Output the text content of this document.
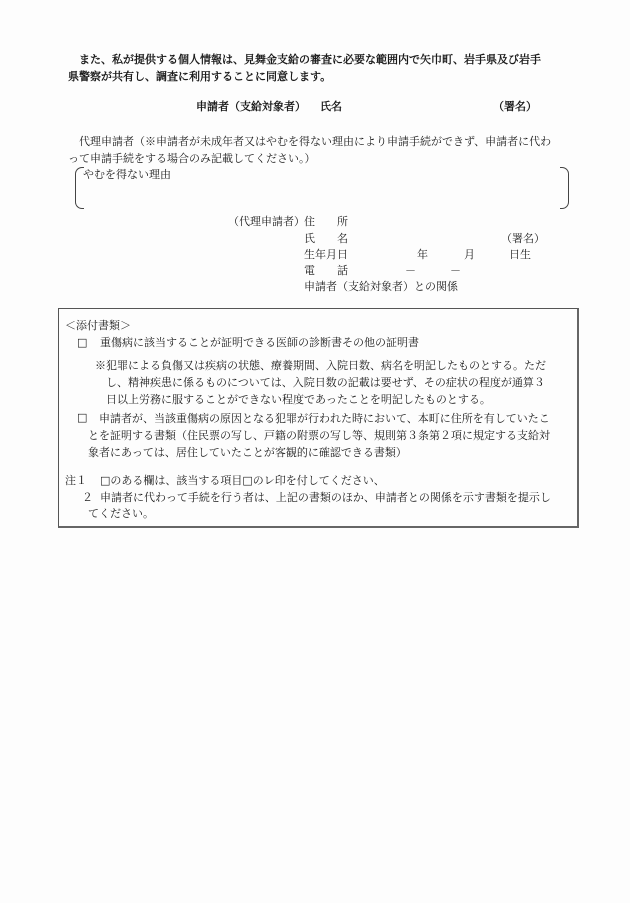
また、私が提供する個人情報は、見舞金支給の審査に必要な範囲内で矢巾町、岩手県及び岩手

県警察が共有し、調査に利用することに同意します。

申請者（支給対象者） 氏名	（署名）
代理申請者（※申請者が未成年者又はやむを得ない理由により申請手続ができず、申請者に代わ
って申請手続をする場合のみ記載してください。）
やむを得ない理由
（代理申請者） 住　　所
氏　　名	（署名）
生年月日	年	月	日生
電　　話	－	－
申請者（支給対象者）との関係
＜添付書類＞
□ 重傷病に該当することが証明できる医師の診断書その他の証明書
※犯罪による負傷又は疾病の状態、療養期間、入院日数、病名を明記したものとする。ただ
し、精神疾患に係るものについては、入院日数の記載は要せず、その症状の程度が通算３
日以上労務に服することができない程度であったことを明記したものとする。
□	申請者が、当該重傷病の原因となる犯罪が行われた時において、本町に住所を有していたこ
とを証明する書類（住民票の写し、戸籍の附票の写し等、規則第３条第２項に規定する支給対
象者にあっては、居住していたことが客観的に確認できる書類）
注１ □のある欄は、該当する項目□のレ印を付してください、
２ 申請者に代わって手続を行う者は、上記の書類のほか、申請者との関係を示す書類を提示し
てください。
